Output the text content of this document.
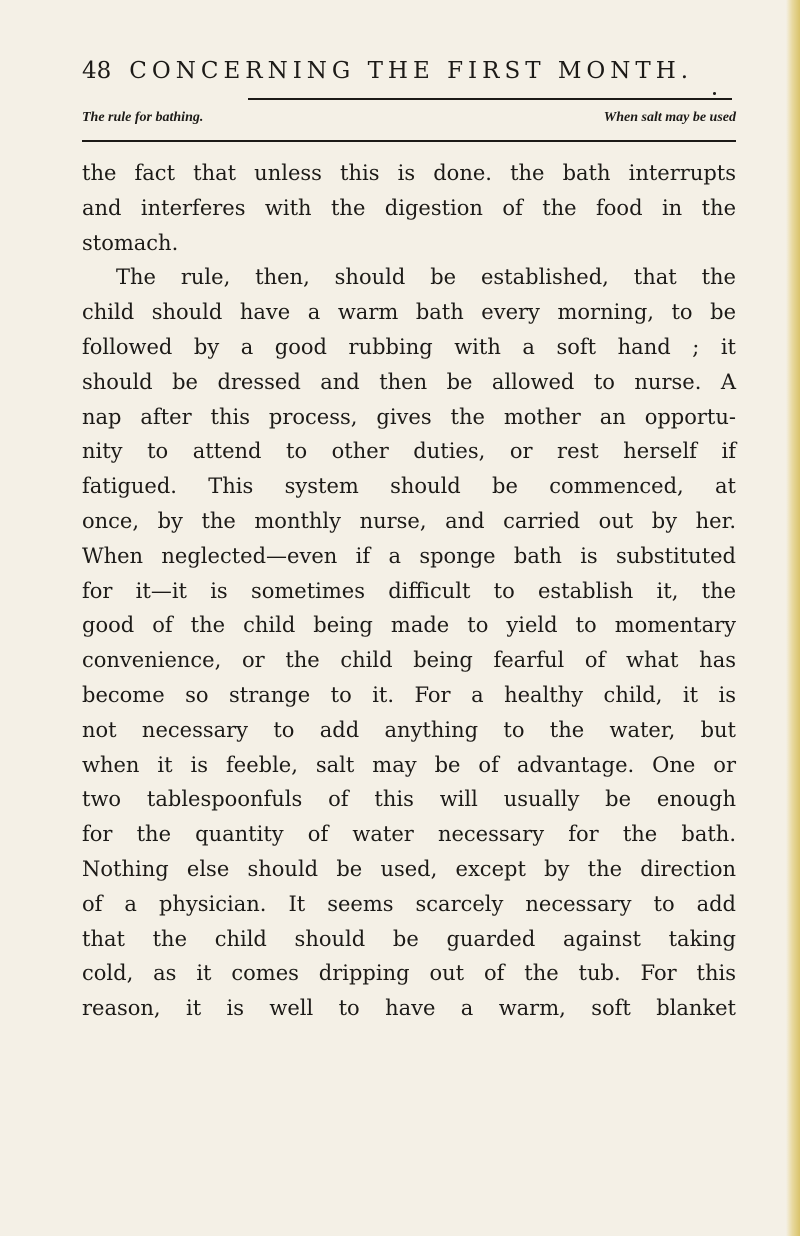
48 CONCERNING THE FIRST MONTH.
The rule for bathing.	When salt may be used
the fact that unless this is done. the bath interrupts
and interferes with the digestion of the food in the
stomach.
The rule, then, should be established, that the
child should have a warm bath every morning, to be
followed by a good rubbing with a soft hand ; it
should be dressed and then be allowed to nurse. A
nap after this process, gives the mother an opportu-
nity to attend to other duties, or rest herself if
fatigued. This system should be commenced, at
once, by the monthly nurse, and carried out by her.
When neglected—even if a sponge bath is substituted
for it—it is sometimes difficult to establish it, the
good of the child being made to yield to momentary
convenience, or the child being fearful of what has
become so strange to it. For a healthy child, it is
not necessary to add anything to the water, but
when it is feeble, salt may be of advantage. One or
two tablespoonfuls of this will usually be enough
for the quantity of water necessary for the bath.
Nothing else should be used, except by the direction
of a physician. It seems scarcely necessary to add
that the child should be guarded against taking
cold, as it comes dripping out of the tub. For this
reason, it is well to have a warm, soft blanket
